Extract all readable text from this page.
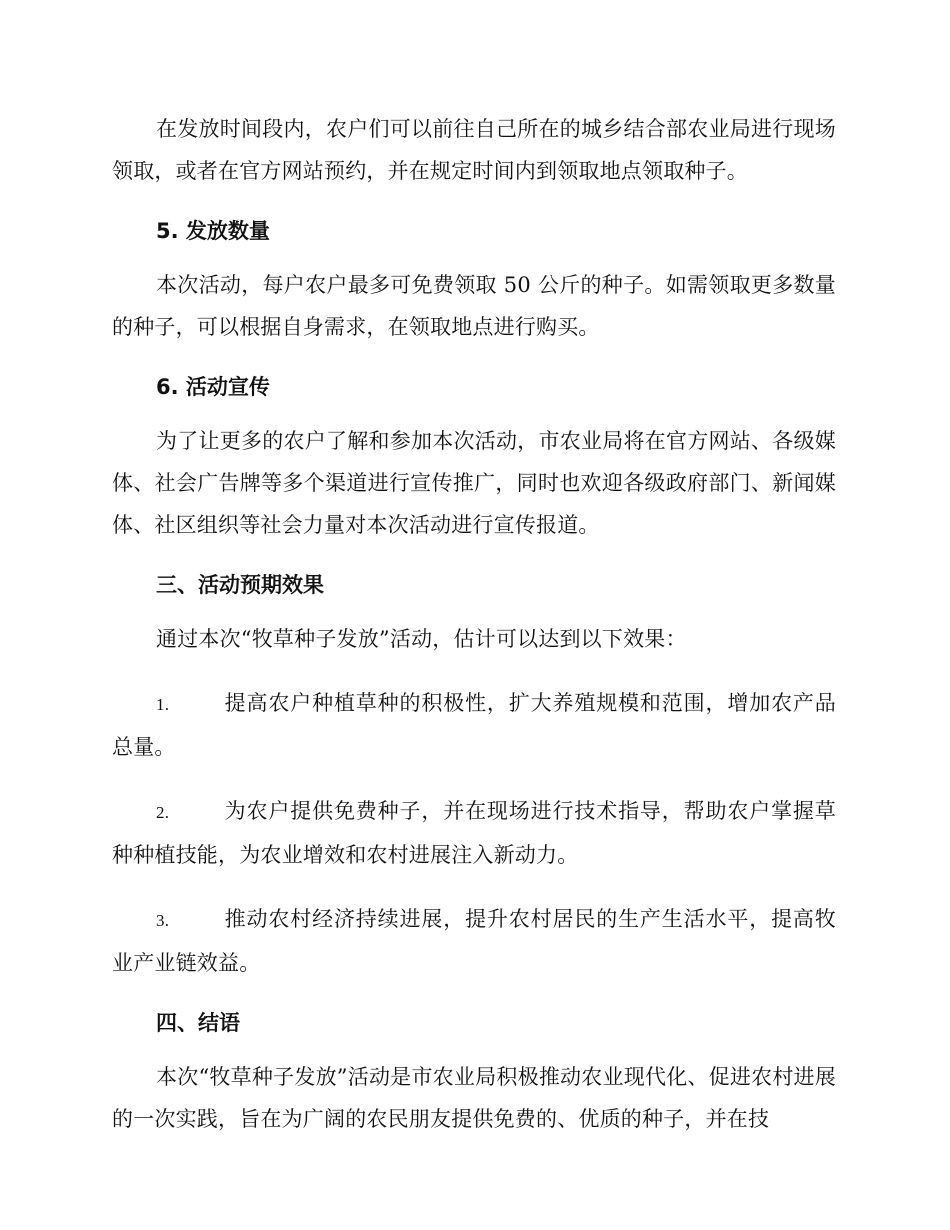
在发放时间段内，农户们可以前往自己所在的城乡结合部农业局进行现场领取，或者在官方网站预约，并在规定时间内到领取地点领取种子。

5. 发放数量

本次活动，每户农户最多可免费领取 50 公斤的种子。如需领取更多数量的种子，可以根据自身需求，在领取地点进行购买。

6. 活动宣传

为了让更多的农户了解和参加本次活动，市农业局将在官方网站、各级媒体、社会广告牌等多个渠道进行宣传推广，同时也欢迎各级政府部门、新闻媒体、社区组织等社会力量对本次活动进行宣传报道。

三、活动预期效果

通过本次“牧草种子发放”活动，估计可以达到以下效果：

1.	提高农户种植草种的积极性，扩大养殖规模和范围，增加农产品总量。

2.	为农户提供免费种子，并在现场进行技术指导，帮助农户掌握草种种植技能，为农业增效和农村进展注入新动力。

3.	推动农村经济持续进展，提升农村居民的生产生活水平，提高牧业产业链效益。

四、结语

本次“牧草种子发放”活动是市农业局积极推动农业现代化、促进农村进展的一次实践，旨在为广阔的农民朋友提供免费的、优质的种子，并在技
